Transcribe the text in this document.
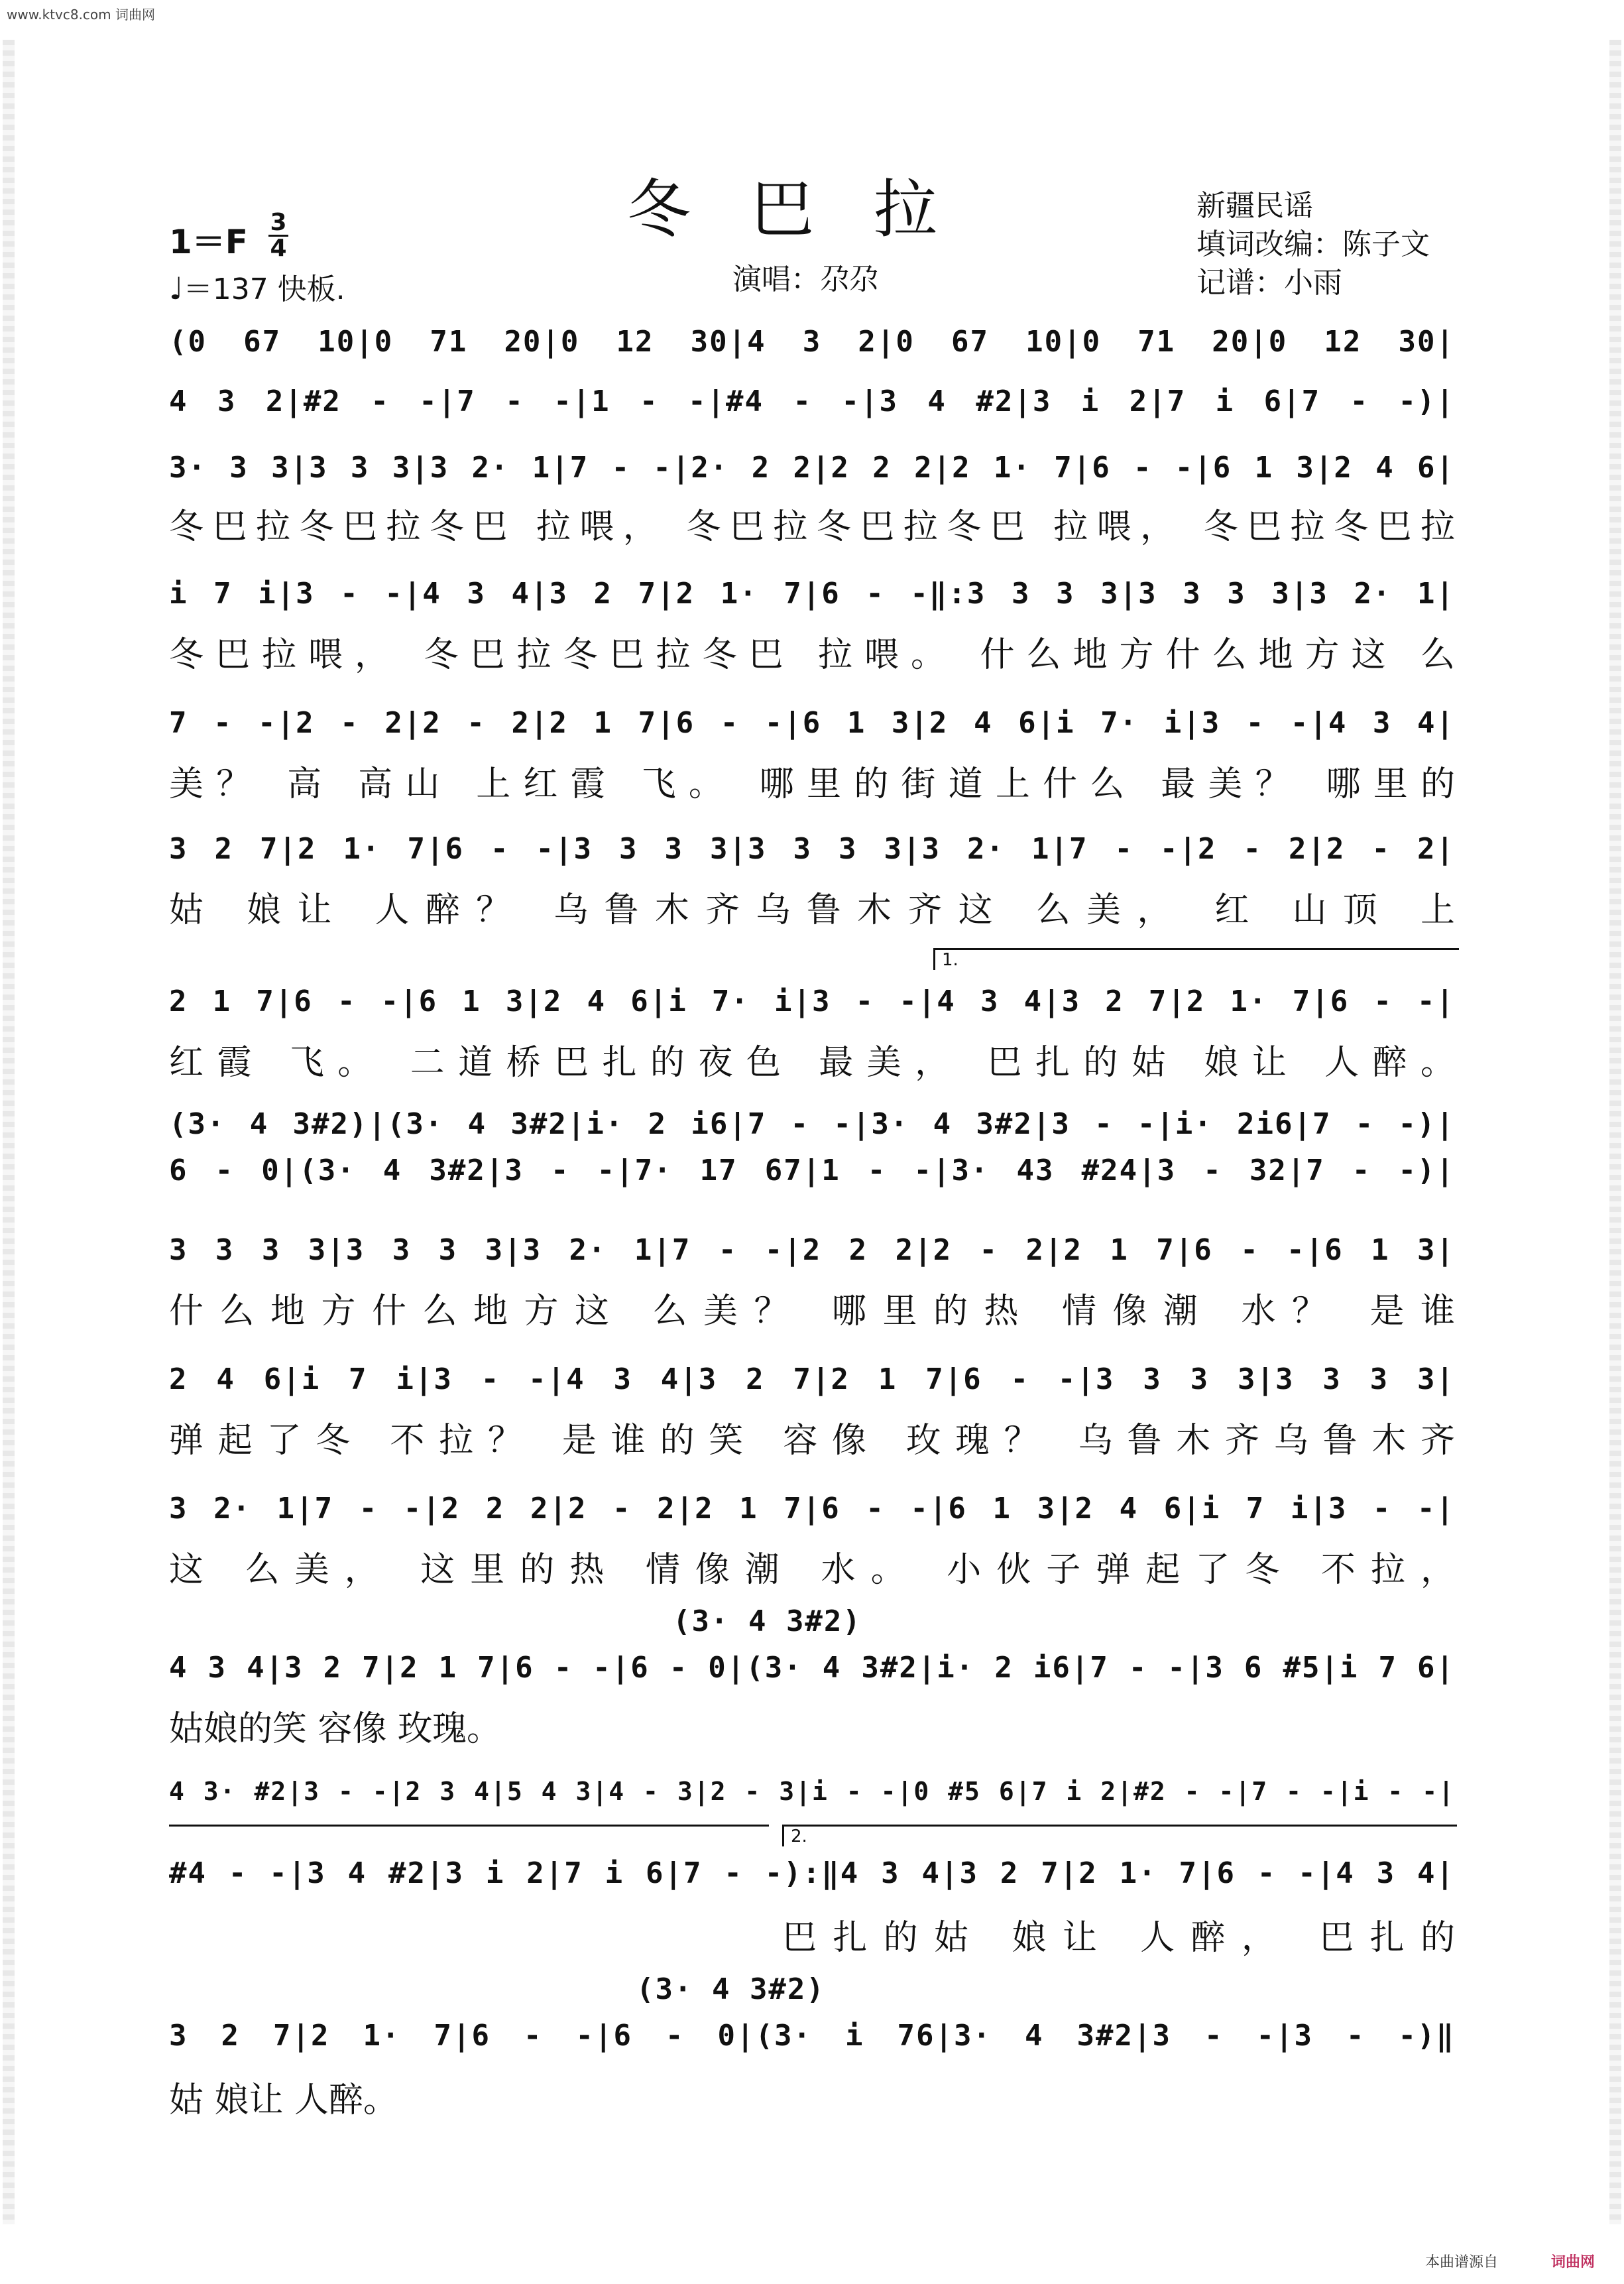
www.ktvc8.com 词曲网
冬巴拉	新疆民谣
填词改编：陈子文
记谱：小雨
演唱：尕尕
1＝F
3
4
♩＝137 快板.
(0 67 10|0 71 20|0 12 30|4 3 2|0 67 10|0 71 20|0 12 30|
4 3 2|#2 - -|7 - -|1 - -|#4 - -|3 4 #2|3 i 2|7 i 6|7 - -)|
3· 3 3|3 3 3|3 2· 1|7 - -|2· 2 2|2 2 2|2 1· 7|6 - -|6 1 3|2 4 6|
冬巴拉冬巴拉冬巴 拉喂， 冬巴拉冬巴拉冬巴 拉喂， 冬巴拉冬巴拉
i 7 i|3 - -|4 3 4|3 2 7|2 1· 7|6 - -‖:3 3 3 3|3 3 3 3|3 2· 1|
冬巴拉喂， 冬巴拉冬巴拉冬巴 拉喂。 什么地方什么地方这 么
7 - -|2 - 2|2 - 2|2 1 7|6 - -|6 1 3|2 4 6|i 7· i|3 - -|4 3 4|
美？ 高 高山 上红霞 飞。 哪里的街道上什么 最美？ 哪里的
3 2 7|2 1· 7|6 - -|3 3 3 3|3 3 3 3|3 2· 1|7 - -|2 - 2|2 - 2|
姑 娘让 人醉？ 乌鲁木齐乌鲁木齐这 么美， 红 山顶 上
1.
2 1 7|6 - -|6 1 3|2 4 6|i 7· i|3 - -|4 3 4|3 2 7|2 1· 7|6 - -|
红霞 飞。 二道桥巴扎的夜色 最美， 巴扎的姑 娘让 人醉。
(3· 4 3#2)|(3· 4 3#2|i· 2 i6|7 - -|3· 4 3#2|3 - -|i· 2i6|7 - -)|
6 - 0|(3· 4 3#2|3 - -|7· 17 67|1 - -|3· 43 #24|3 - 32|7 - -)|
3 3 3 3|3 3 3 3|3 2· 1|7 - -|2 2 2|2 - 2|2 1 7|6 - -|6 1 3|
什么地方什么地方这 么美？ 哪里的热 情像潮 水？ 是谁
2 4 6|i 7 i|3 - -|4 3 4|3 2 7|2 1 7|6 - -|3 3 3 3|3 3 3 3|
弹起了冬 不拉？ 是谁的笑 容像 玫瑰？ 乌鲁木齐乌鲁木齐
3 2· 1|7 - -|2 2 2|2 - 2|2 1 7|6 - -|6 1 3|2 4 6|i 7 i|3 - -|
这 么美， 这里的热 情像潮 水。 小伙子弹起了冬 不拉，
(3· 4 3#2)
4 3 4|3 2 7|2 1 7|6 - -|6 - 0|(3· 4 3#2|i· 2 i6|7 - -|3 6 #5|i 7 6|
姑娘的笑 容像 玫瑰。
4 3· #2|3 - -|2 3 4|5 4 3|4 - 3|2 - 3|i - -|0 #5 6|7 i 2|#2 - -|7 - -|i - -|
2.
#4 - -|3 4 #2|3 i 2|7 i 6|7 - -):‖4 3 4|3 2 7|2 1· 7|6 - -|4 3 4|
巴扎的姑 娘让 人醉， 巴扎的
(3· 4 3#2)
3 2 7|2 1· 7|6 - -|6 - 0|(3· i 76|3· 4 3#2|3 - -|3 - -)‖
姑 娘让 人醉。
本曲谱源自	词曲网
